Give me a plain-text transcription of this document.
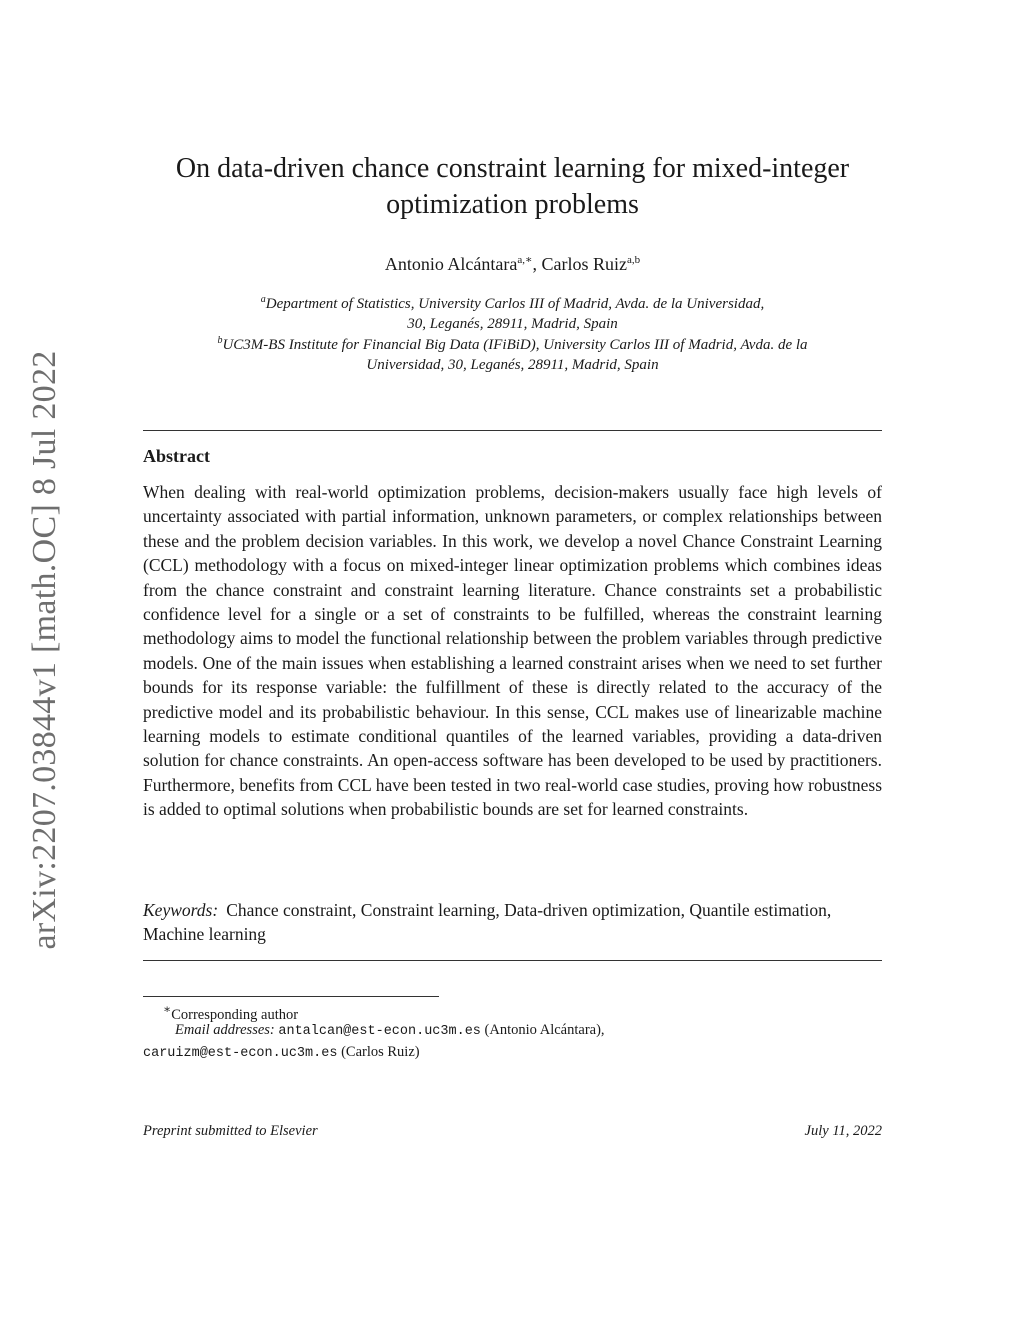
arXiv:2207.03844v1 [math.OC] 8 Jul 2022
On data-driven chance constraint learning for mixed-integer
optimization problems
Antonio Alcántara$^{a,∗}$, Carlos Ruiz$^{a,b}$
$^a$Department of Statistics, University Carlos III of Madrid, Avda. de la Universidad,
30, Leganés, 28911, Madrid, Spain
$^b$UC3M-BS Institute for Financial Big Data (IFiBiD), University Carlos III of Madrid, Avda. de la
Universidad, 30, Leganés, 28911, Madrid, Spain
Abstract
When dealing with real-world optimization problems, decision-makers usually face high levels of uncertainty associated with partial information, unknown parameters, or complex relationships between these and the problem decision variables. In this work, we develop a novel Chance Constraint Learning (CCL) methodology with a focus on mixed-integer linear optimization problems which combines ideas from the chance constraint and constraint learning literature. Chance constraints set a probabilistic confidence level for a single or a set of constraints to be fulfilled, whereas the constraint learning methodology aims to model the functional relationship between the problem variables through predictive models. One of the main issues when establishing a learned constraint arises when we need to set further bounds for its response variable: the fulfillment of these is directly related to the accuracy of the predictive model and its probabilistic behaviour. In this sense, CCL makes use of linearizable machine learning models to estimate conditional quantiles of the learned variables, providing a data-driven solution for chance constraints. An open-access software has been developed to be used by practitioners. Furthermore, benefits from CCL have been tested in two real-world case studies, proving how robustness is added to optimal solutions when probabilistic bounds are set for learned constraints.
Keywords: Chance constraint, Constraint learning, Data-driven optimization, Quantile estimation, Machine learning
∗Corresponding author
Email addresses: antalcan@est-econ.uc3m.es (Antonio Alcántara),
caruizm@est-econ.uc3m.es (Carlos Ruiz)
Preprint submitted to Elsevier	July 11, 2022
